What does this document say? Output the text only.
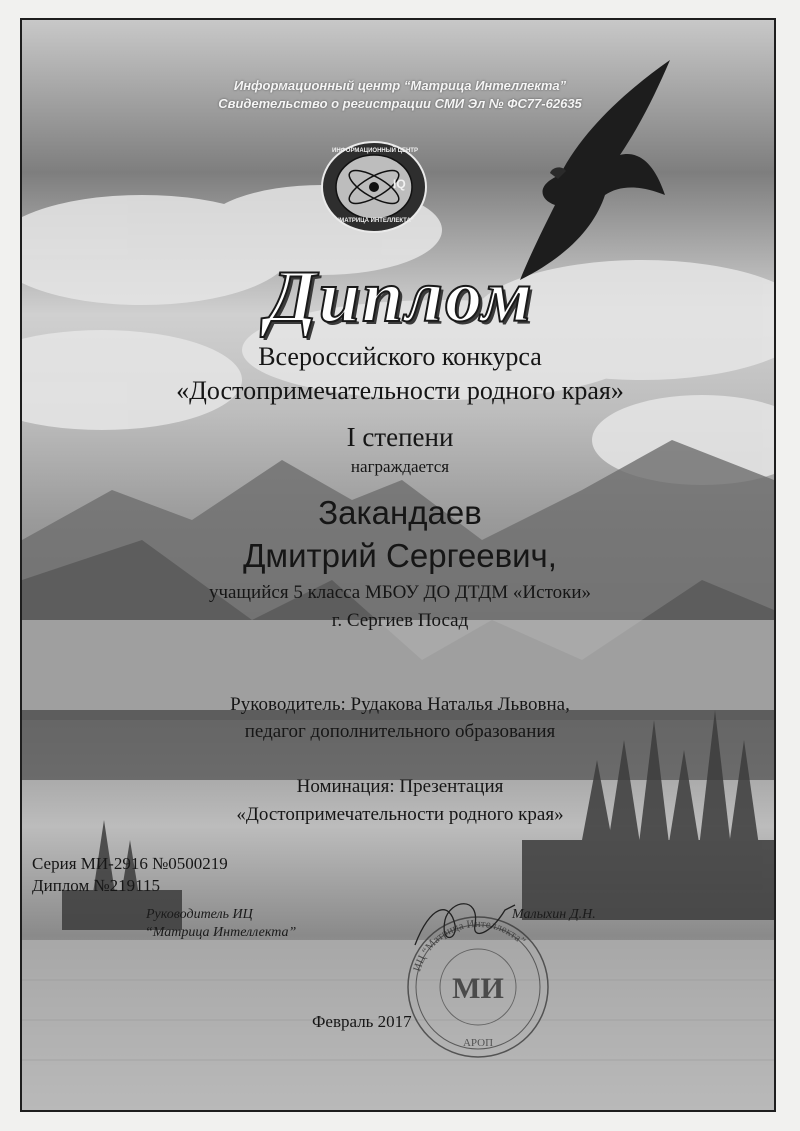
ИНФОРМАЦИОННЫЙ ЦЕНТР
“МАТРИЦА ИНТЕЛЛЕКТА”
IQ
Информационный центр “Матрица Интеллекта”
Свидетельство о регистрации СМИ Эл № ФС77-62635
Диплом
Всероссийского конкурса
«Достопримечательности родного края»
I степени
награждается
Закандаев
Дмитрий Сергеевич,
учащийся 5 класса МБОУ ДО ДТДМ «Истоки»
г. Сергиев Посад
Руководитель: Рудакова Наталья Львовна,
педагог дополнительного образования
Номинация: Презентация
«Достопримечательности родного края»
Серия МИ-2916 №0500219
Диплом №219115
Руководитель ИЦ
“Матрица Интеллекта”
Малыхин Д.Н.
ИЦ “Матрица Интеллекта”
МИ
АРОП
Февраль 2017
